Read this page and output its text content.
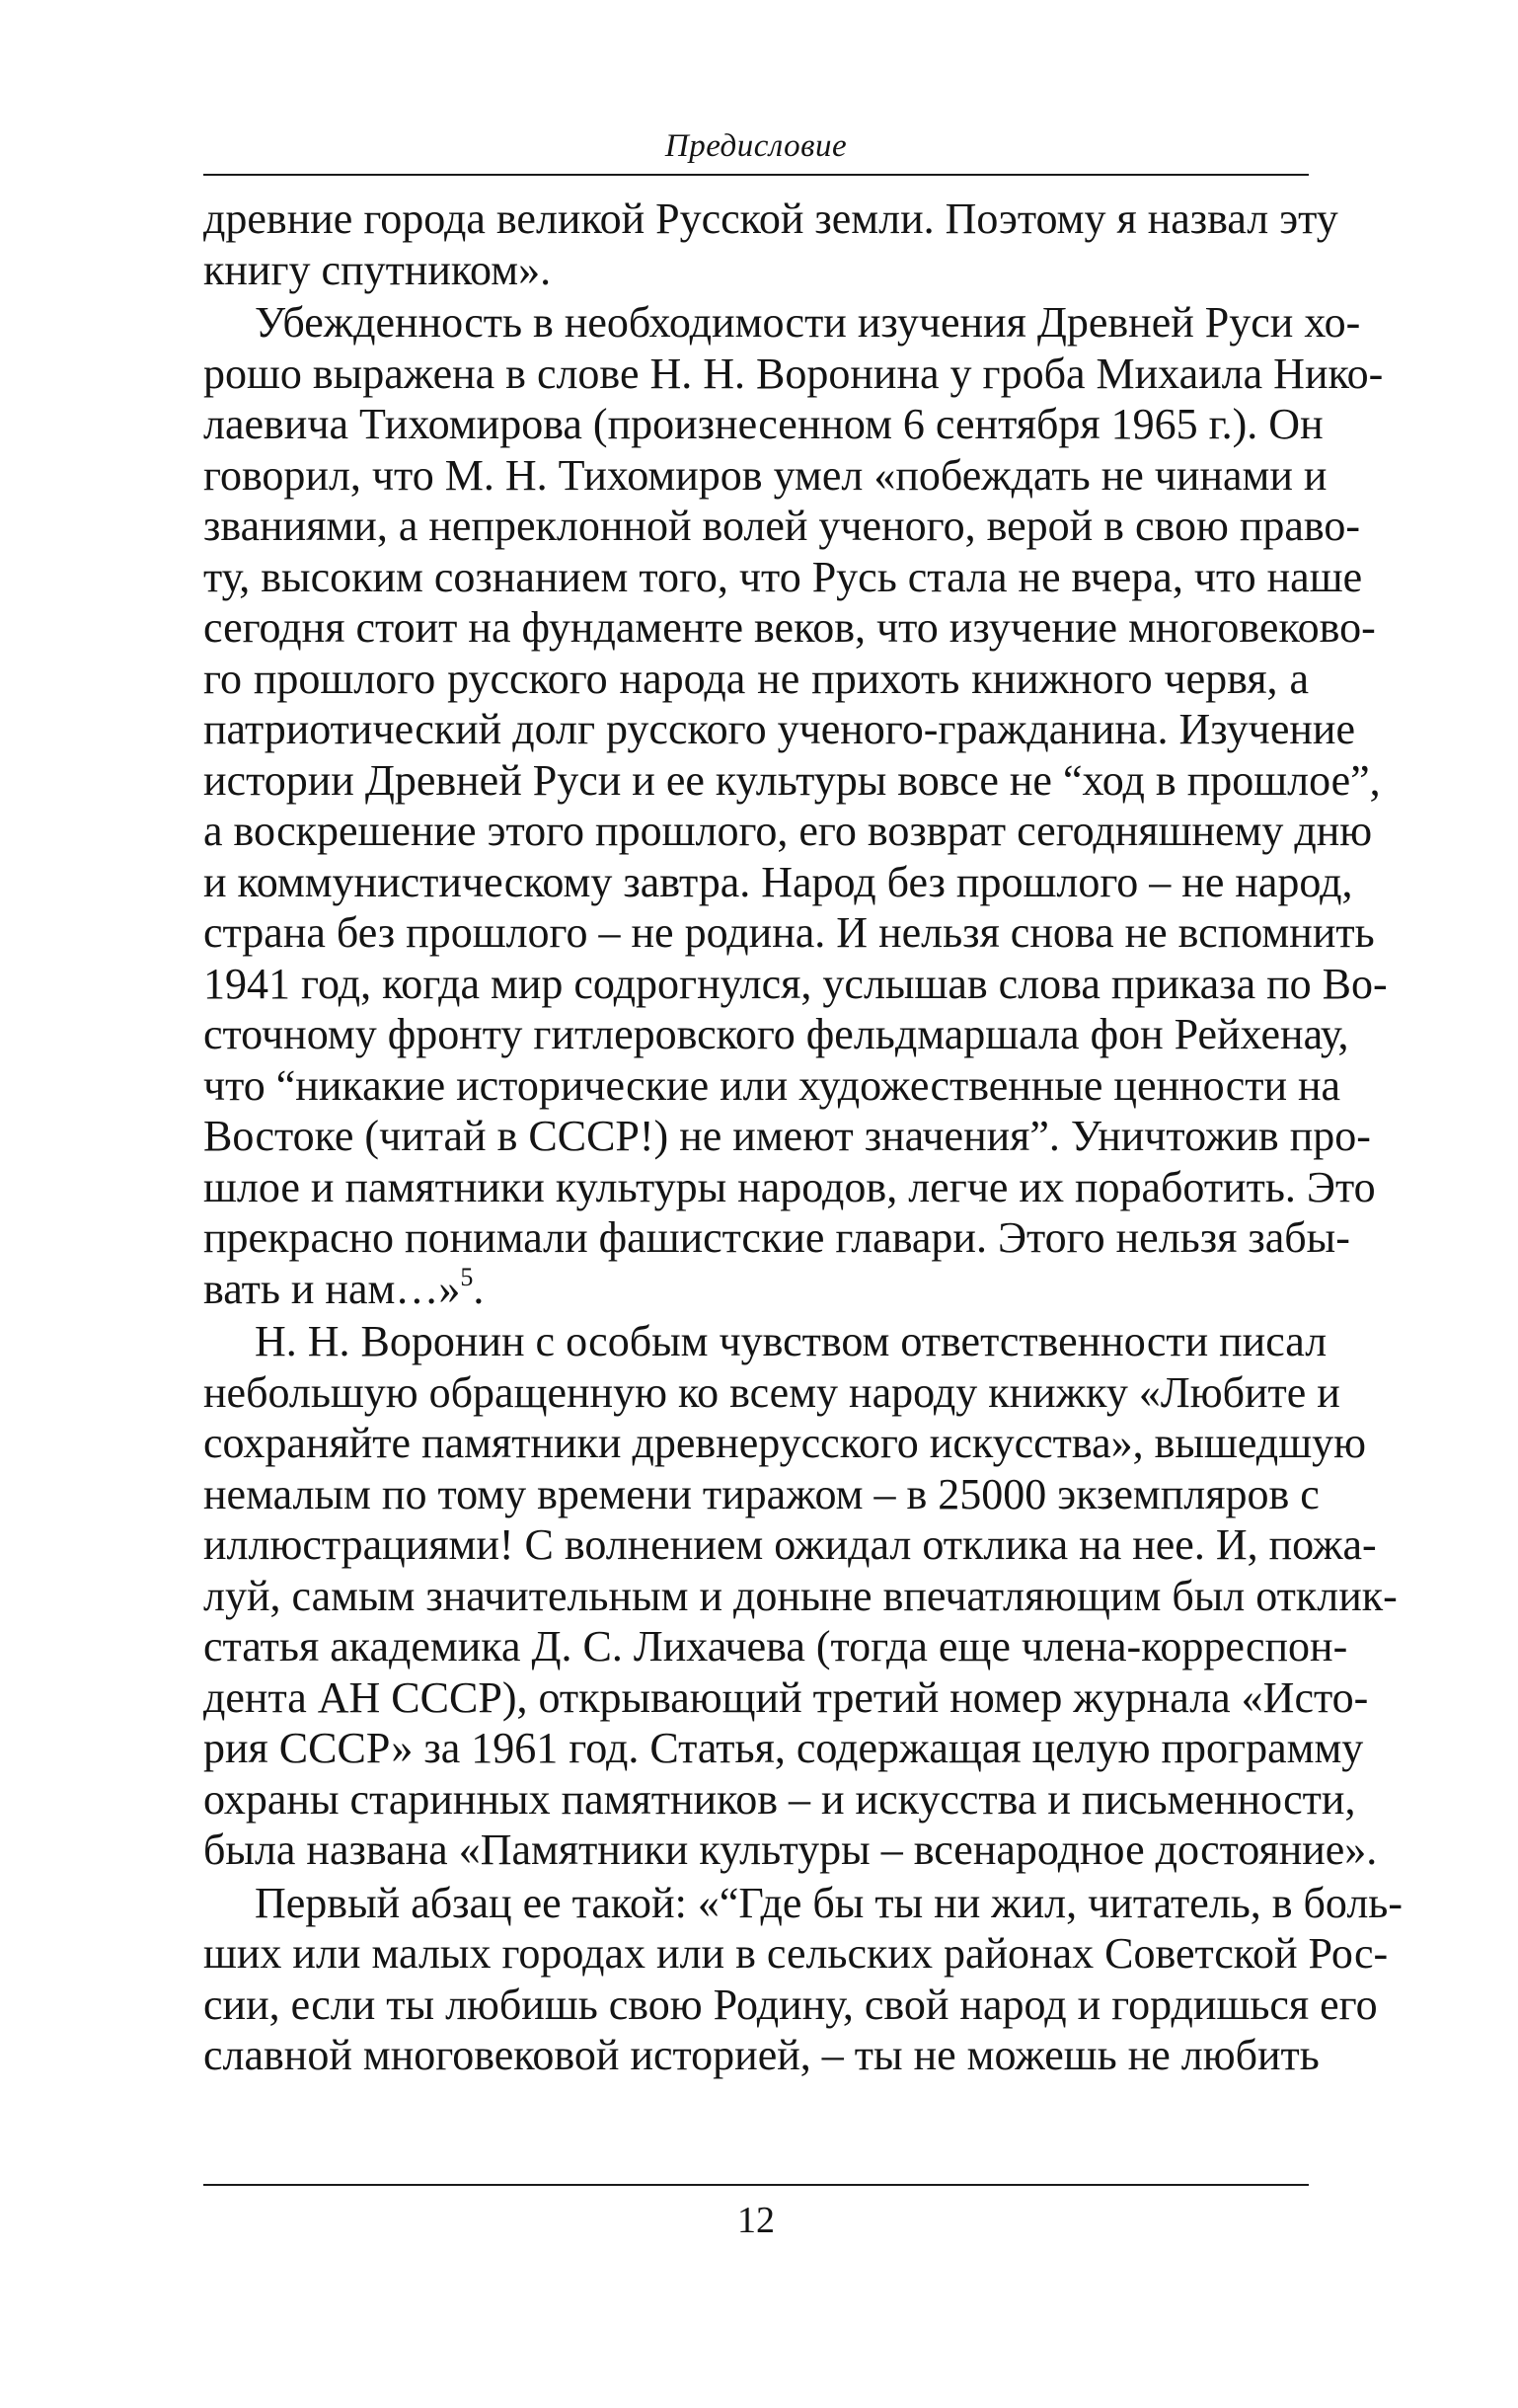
Предисловие
древние города великой Русской земли. Поэтому я назвал эту
книгу спутником».
Убежденность в необходимости изучения Древней Руси хо-
рошо выражена в слове Н. Н. Воронина у гроба Михаила Нико-
лаевича Тихомирова (произнесенном 6 сентября 1965 г.). Он
говорил, что М. Н. Тихомиров умел «побеждать не чинами и
званиями, а непреклонной волей ученого, верой в свою право-
ту, высоким сознанием того, что Русь стала не вчера, что наше
сегодня стоит на фундаменте веков, что изучение многовеково-
го прошлого русского народа не прихоть книжного червя, а
патриотический долг русского ученого-гражданина. Изучение
истории Древней Руси и ее культуры вовсе не “ход в прошлое”,
а воскрешение этого прошлого, его возврат сегодняшнему дню
и коммунистическому завтра. Народ без прошлого – не народ,
страна без прошлого – не родина. И нельзя снова не вспомнить
1941 год, когда мир содрогнулся, услышав слова приказа по Во-
сточному фронту гитлеровского фельдмаршала фон Рейхенау,
что “никакие исторические или художественные ценности на
Востоке (читай в СССР!) не имеют значения”. Уничтожив про-
шлое и памятники культуры народов, легче их поработить. Это
прекрасно понимали фашистские главари. Этого нельзя забы-
вать и нам…»$^5$.
Н. Н. Воронин с особым чувством ответственности писал
небольшую обращенную ко всему народу книжку «Любите и
сохраняйте памятники древнерусского искусства», вышедшую
немалым по тому времени тиражом – в 25000 экземпляров с
иллюстрациями! С волнением ожидал отклика на нее. И, пожа-
луй, самым значительным и доныне впечатляющим был отклик-
статья академика Д. С. Лихачева (тогда еще члена-корреспон-
дента АН СССР), открывающий третий номер журнала «Исто-
рия СССР» за 1961 год. Статья, содержащая целую программу
охраны старинных памятников – и искусства и письменности,
была названа «Памятники культуры – всенародное достояние».
Первый абзац ее такой: «“Где бы ты ни жил, читатель, в боль-
ших или малых городах или в сельских районах Советской Рос-
сии, если ты любишь свою Родину, свой народ и гордишься его
славной многовековой историей, – ты не можешь не любить
12
